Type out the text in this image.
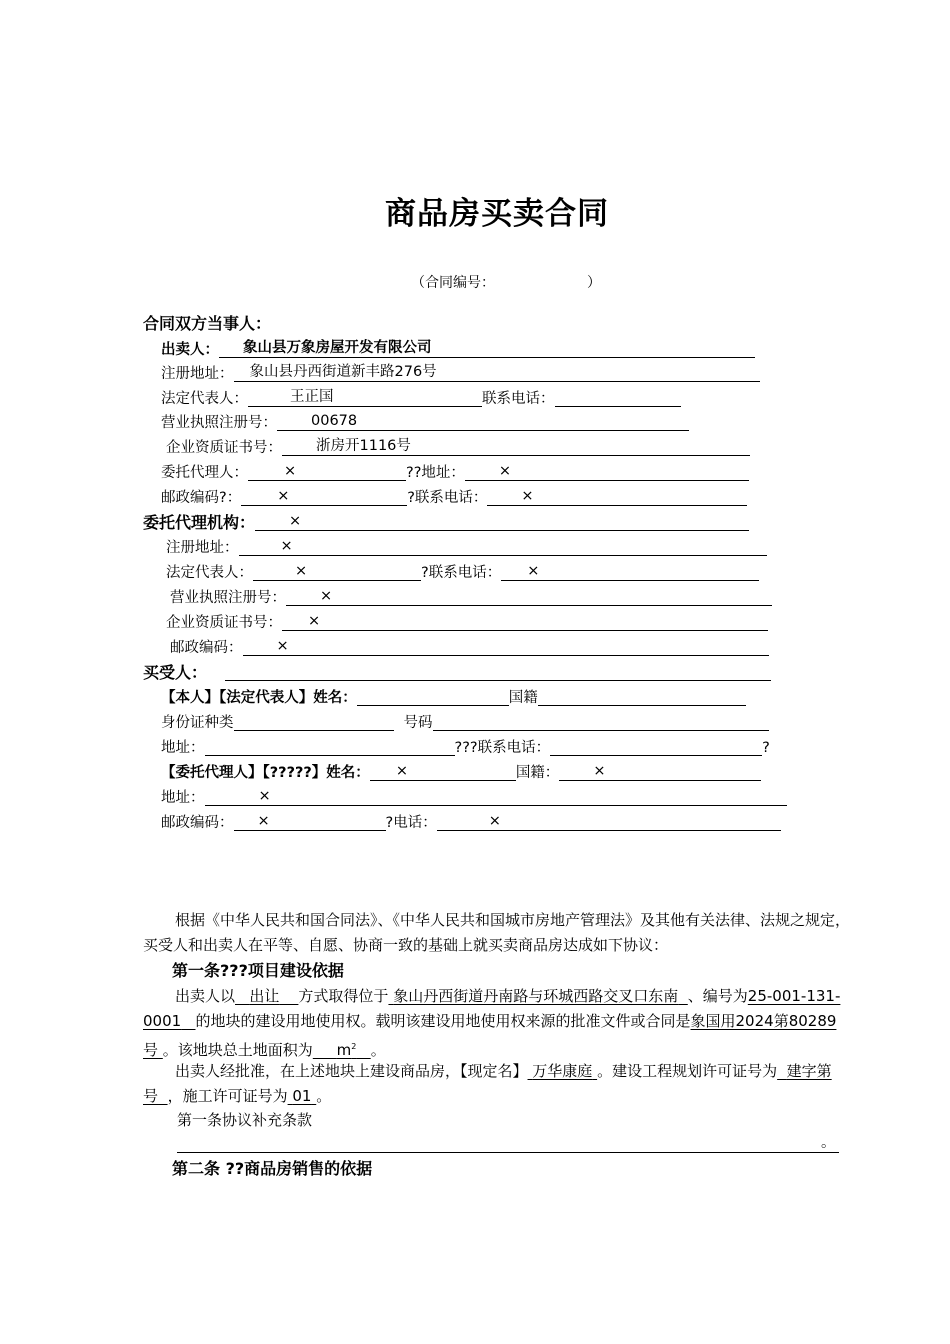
商品房买卖合同
（合同编号：	）
合同双方当事人：
出卖人： 象山县万象房屋开发有限公司
注册地址： 象山县丹西街道新丰路276号
法定代表人：	王正国	联系电话：
营业执照注册号： 00678
企业资质证书号： 浙房开1116号
委托代理人： ×	??地址： ×
邮政编码?： ×	?联系电话： ×
委托代理机构： ×
注册地址：	×
法定代表人：	×	?联系电话： ×
营业执照注册号： ×
企业资质证书号： ×
邮政编码： ×
买受人：
【本人】【法定代表人】姓名：	国籍
身份证种类	号码
地址：	???联系电话：	?
【委托代理人】【?????】姓名： ×	国籍： ×
地址：	×
邮政编码： ×	?电话：	×
根据《中华人民共和国合同法》、《中华人民共和国城市房地产管理法》及其他有关法律、法规之规定，买受人和出卖人在平等、自愿、协商一致的基础上就买卖商品房达成如下协议：
第一条???项目建设依据
出卖人以 出让 方式取得位于 象山丹西街道丹南路与环城西路交叉口东南 、编号为25-001-131-0001 的地块的建设用地使用权。载明该建设用地使用权来源的批准文件或合同是象国用2024第80289号 。该地块总土地面积为 $m^2$ 。
出卖人经批准，在上述地块上建设商品房，【现定名】 万华康庭 。建设工程规划许可证号为 建字第号 ，施工许可证号为 01 。
第一条协议补充条款
。
第二条 ??商品房销售的依据
